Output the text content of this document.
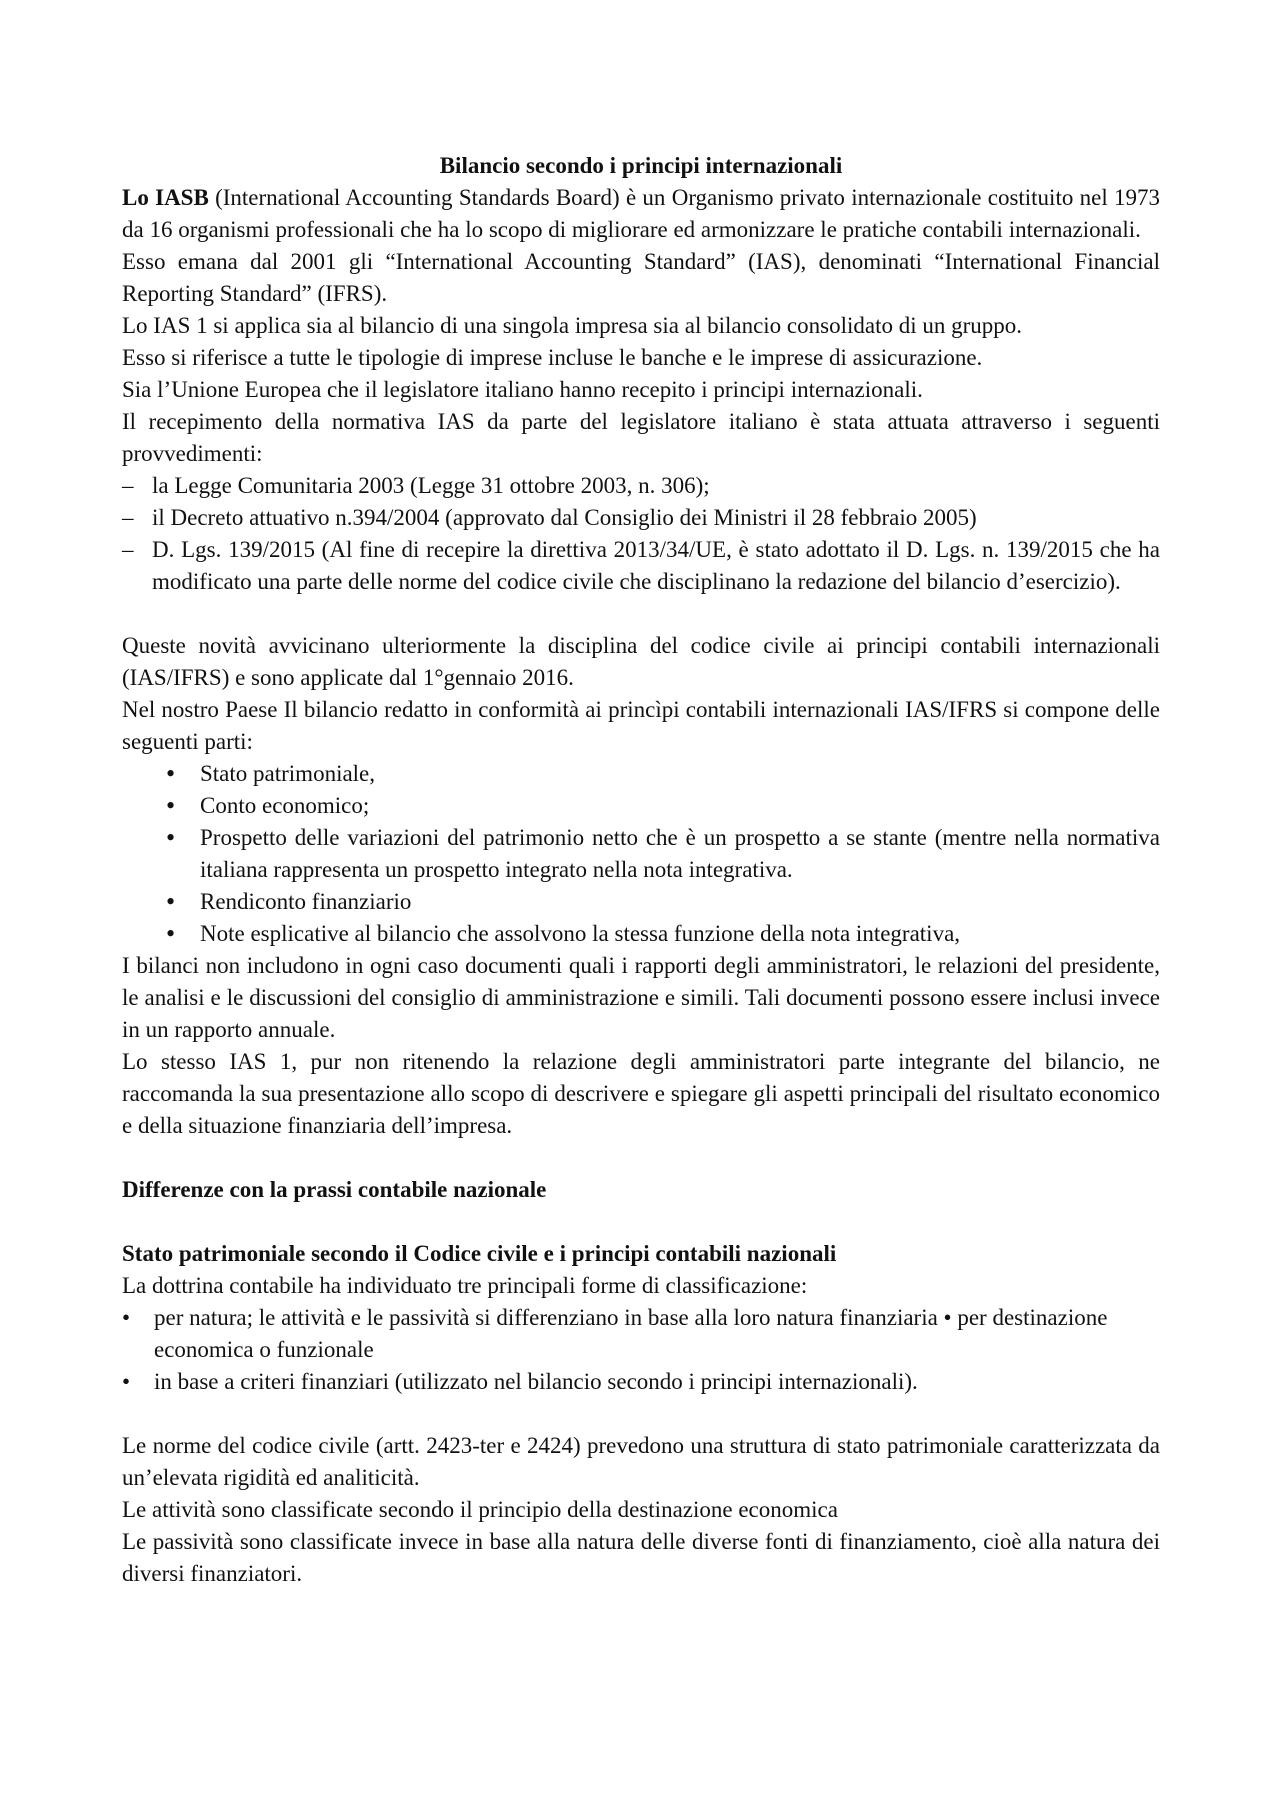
Bilancio secondo i principi internazionali

Lo IASB (International Accounting Standards Board) è un Organismo privato internazionale costituito nel 1973 da 16 organismi professionali che ha lo scopo di migliorare ed armonizzare le pratiche contabili internazionali.

Esso emana dal 2001 gli “International Accounting Standard” (IAS), denominati “International Financial Reporting Standard” (IFRS).

Lo IAS 1 si applica sia al bilancio di una singola impresa sia al bilancio consolidato di un gruppo.

Esso si riferisce a tutte le tipologie di imprese incluse le banche e le imprese di assicurazione.

Sia l’Unione Europea che il legislatore italiano hanno recepito i principi internazionali.

Il recepimento della normativa IAS da parte del legislatore italiano è stata attuata attraverso i seguenti provvedimenti:

– la Legge Comunitaria 2003 (Legge 31 ottobre 2003, n. 306);
– il Decreto attuativo n.394/2004 (approvato dal Consiglio dei Ministri il 28 febbraio 2005)
– D. Lgs. 139/2015 (Al fine di recepire la direttiva 2013/34/UE, è stato adottato il D. Lgs. n. 139/2015 che ha modificato una parte delle norme del codice civile che disciplinano la redazione del bilancio d’esercizio).

Queste novità avvicinano ulteriormente la disciplina del codice civile ai principi contabili internazionali (IAS/IFRS) e sono applicate dal 1°gennaio 2016.

Nel nostro Paese Il bilancio redatto in conformità ai princìpi contabili internazionali IAS/IFRS si compone delle seguenti parti:

• Stato patrimoniale,
• Conto economico;
• Prospetto delle variazioni del patrimonio netto che è un prospetto a se stante (mentre nella normativa italiana rappresenta un prospetto integrato nella nota integrativa.
• Rendiconto finanziario
• Note esplicative al bilancio che assolvono la stessa funzione della nota integrativa,

I bilanci non includono in ogni caso documenti quali i rapporti degli amministratori, le relazioni del presidente, le analisi e le discussioni del consiglio di amministrazione e simili. Tali documenti possono essere inclusi invece in un rapporto annuale.

Lo stesso IAS 1, pur non ritenendo la relazione degli amministratori parte integrante del bilancio, ne raccomanda la sua presentazione allo scopo di descrivere e spiegare gli aspetti principali del risultato economico e della situazione finanziaria dell’impresa.

Differenze con la prassi contabile nazionale

Stato patrimoniale secondo il Codice civile e i principi contabili nazionali

La dottrina contabile ha individuato tre principali forme di classificazione:

• per natura; le attività e le passività si differenziano in base alla loro natura finanziaria • per destinazione economica o funzionale
• in base a criteri finanziari (utilizzato nel bilancio secondo i principi internazionali).

Le norme del codice civile (artt. 2423-ter e 2424) prevedono una struttura di stato patrimoniale caratterizzata da un’elevata rigidità ed analiticità.

Le attività sono classificate secondo il principio della destinazione economica

Le passività sono classificate invece in base alla natura delle diverse fonti di finanziamento, cioè alla natura dei diversi finanziatori.
